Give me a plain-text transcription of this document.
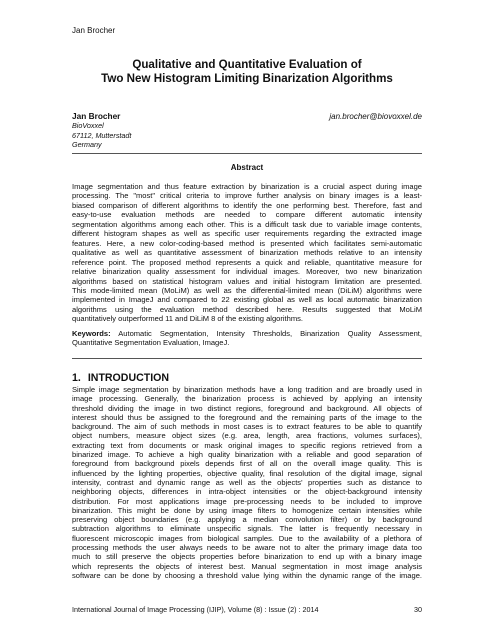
Jan Brocher
Qualitative and Quantitative Evaluation of
Two New Histogram Limiting Binarization Algorithms
Jan Brocher	jan.brocher@biovoxxel.de
BioVoxxel
67112, Mutterstadt
Germany
Abstract
Image segmentation and thus feature extraction by binarization is a crucial aspect during image
processing. The "most" critical criteria to improve further analysis on binary images is a least-
biased comparison of different algorithms to identify the one performing best. Therefore, fast and
easy-to-use evaluation methods are needed to compare different automatic intensity
segmentation algorithms among each other. This is a difficult task due to variable image contents,
different histogram shapes as well as specific user requirements regarding the extracted image
features. Here, a new color-coding-based method is presented which facilitates semi-automatic
qualitative as well as quantitative assessment of binarization methods relative to an intensity
reference point. The proposed method represents a quick and reliable, quantitative measure for
relative binarization quality assessment for individual images. Moreover, two new binarization
algorithms based on statistical histogram values and initial histogram limitation are presented.
This mode-limited mean (MoLiM) as well as the differential-limited mean (DiLiM) algorithms were
implemented in ImageJ and compared to 22 existing global as well as local automatic binarization
algorithms using the evaluation method described here. Results suggested that MoLiM
quantitatively outperformed 11 and DiLiM 8 of the existing algorithms.
Keywords: Automatic Segmentation, Intensity Thresholds, Binarization Quality Assessment,
Quantitative Segmentation Evaluation, ImageJ.
1. INTRODUCTION
Simple image segmentation by binarization methods have a long tradition and are broadly used in
image processing. Generally, the binarization process is achieved by applying an intensity
threshold dividing the image in two distinct regions, foreground and background. All objects of
interest should thus be assigned to the foreground and the remaining parts of the image to the
background. The aim of such methods in most cases is to extract features to be able to quantify
object numbers, measure object sizes (e.g. area, length, area fractions, volumes surfaces),
extracting text from documents or mask original images to specific regions retrieved from a
binarized image. To achieve a high quality binarization with a reliable and good separation of
foreground from background pixels depends first of all on the overall image quality. This is
influenced by the lighting properties, objective quality, final resolution of the digital image, signal
intensity, contrast and dynamic range as well as the objects' properties such as distance to
neighboring objects, differences in intra-object intensities or the object-background intensity
distribution. For most applications image pre-processing needs to be included to improve
binarization. This might be done by using image filters to homogenize certain intensities while
preserving object boundaries (e.g. applying a median convolution filter) or by background
subtraction algorithms to eliminate unspecific signals. The latter is frequently necessary in
fluorescent microscopic images from biological samples. Due to the availability of a plethora of
processing methods the user always needs to be aware not to alter the primary image data too
much to still preserve the objects properties before binarization to end up with a binary image
which represents the objects of interest best. Manual segmentation in most image analysis
software can be done by choosing a threshold value lying within the dynamic range of the image.
International Journal of Image Processing (IJIP), Volume (8) : Issue (2) : 2014	30
